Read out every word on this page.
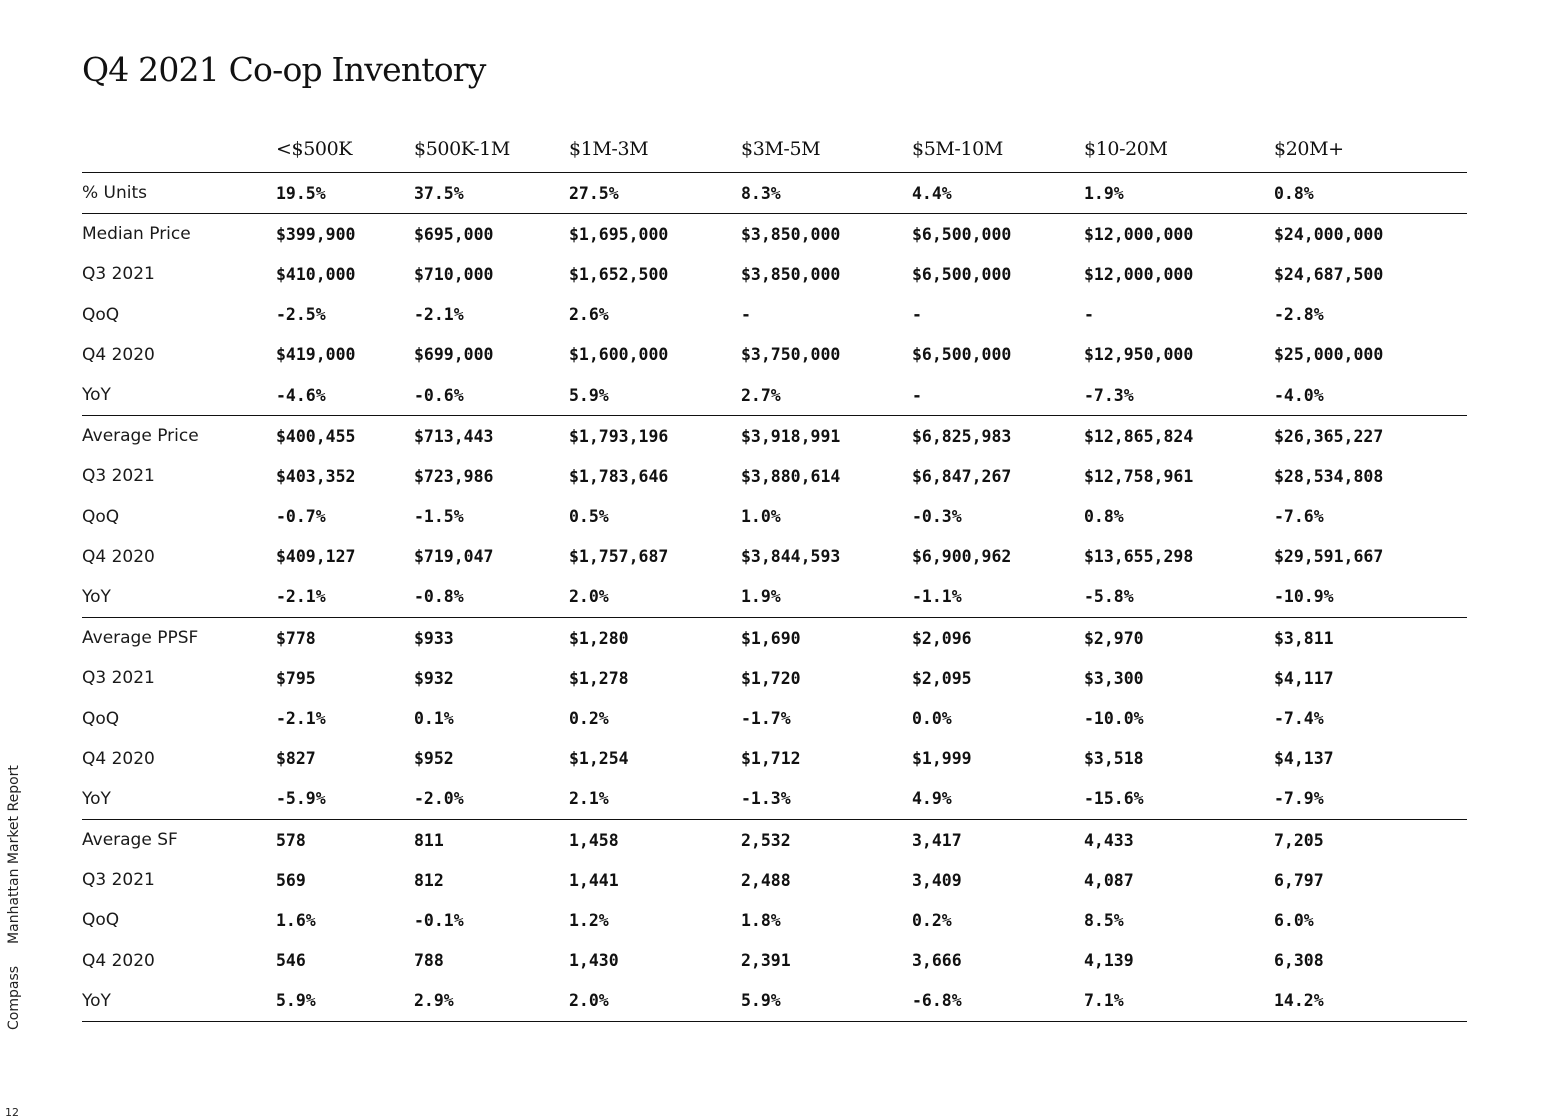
Q4 2021 Co-op Inventory
<$500K	$500K-1M	$1M-3M	$3M-5M	$5M-10M	$10-20M	$20M+
% Units	19.5%	37.5%	27.5%	8.3%	4.4%	1.9%	0.8%
Median Price	$399,900	$695,000	$1,695,000	$3,850,000	$6,500,000	$12,000,000	$24,000,000
Q3 2021	$410,000	$710,000	$1,652,500	$3,850,000	$6,500,000	$12,000,000	$24,687,500
QoQ	-2.5%	-2.1%	2.6%	-	-	-	-2.8%
Q4 2020	$419,000	$699,000	$1,600,000	$3,750,000	$6,500,000	$12,950,000	$25,000,000
YoY	-4.6%	-0.6%	5.9%	2.7%	-	-7.3%	-4.0%
Average Price	$400,455	$713,443	$1,793,196	$3,918,991	$6,825,983	$12,865,824	$26,365,227
Q3 2021	$403,352	$723,986	$1,783,646	$3,880,614	$6,847,267	$12,758,961	$28,534,808
QoQ	-0.7%	-1.5%	0.5%	1.0%	-0.3%	0.8%	-7.6%
Q4 2020	$409,127	$719,047	$1,757,687	$3,844,593	$6,900,962	$13,655,298	$29,591,667
YoY	-2.1%	-0.8%	2.0%	1.9%	-1.1%	-5.8%	-10.9%
Average PPSF	$778	$933	$1,280	$1,690	$2,096	$2,970	$3,811
Q3 2021	$795	$932	$1,278	$1,720	$2,095	$3,300	$4,117
QoQ	-2.1%	0.1%	0.2%	-1.7%	0.0%	-10.0%	-7.4%
Q4 2020	$827	$952	$1,254	$1,712	$1,999	$3,518	$4,137
YoY	-5.9%	-2.0%	2.1%	-1.3%	4.9%	-15.6%	-7.9%
Average SF	578	811	1,458	2,532	3,417	4,433	7,205
Q3 2021	569	812	1,441	2,488	3,409	4,087	6,797
QoQ	1.6%	-0.1%	1.2%	1.8%	0.2%	8.5%	6.0%
Q4 2020	546	788	1,430	2,391	3,666	4,139	6,308
YoY	5.9%	2.9%	2.0%	5.9%	-6.8%	7.1%	14.2%
CompassManhattan Market Report
12
